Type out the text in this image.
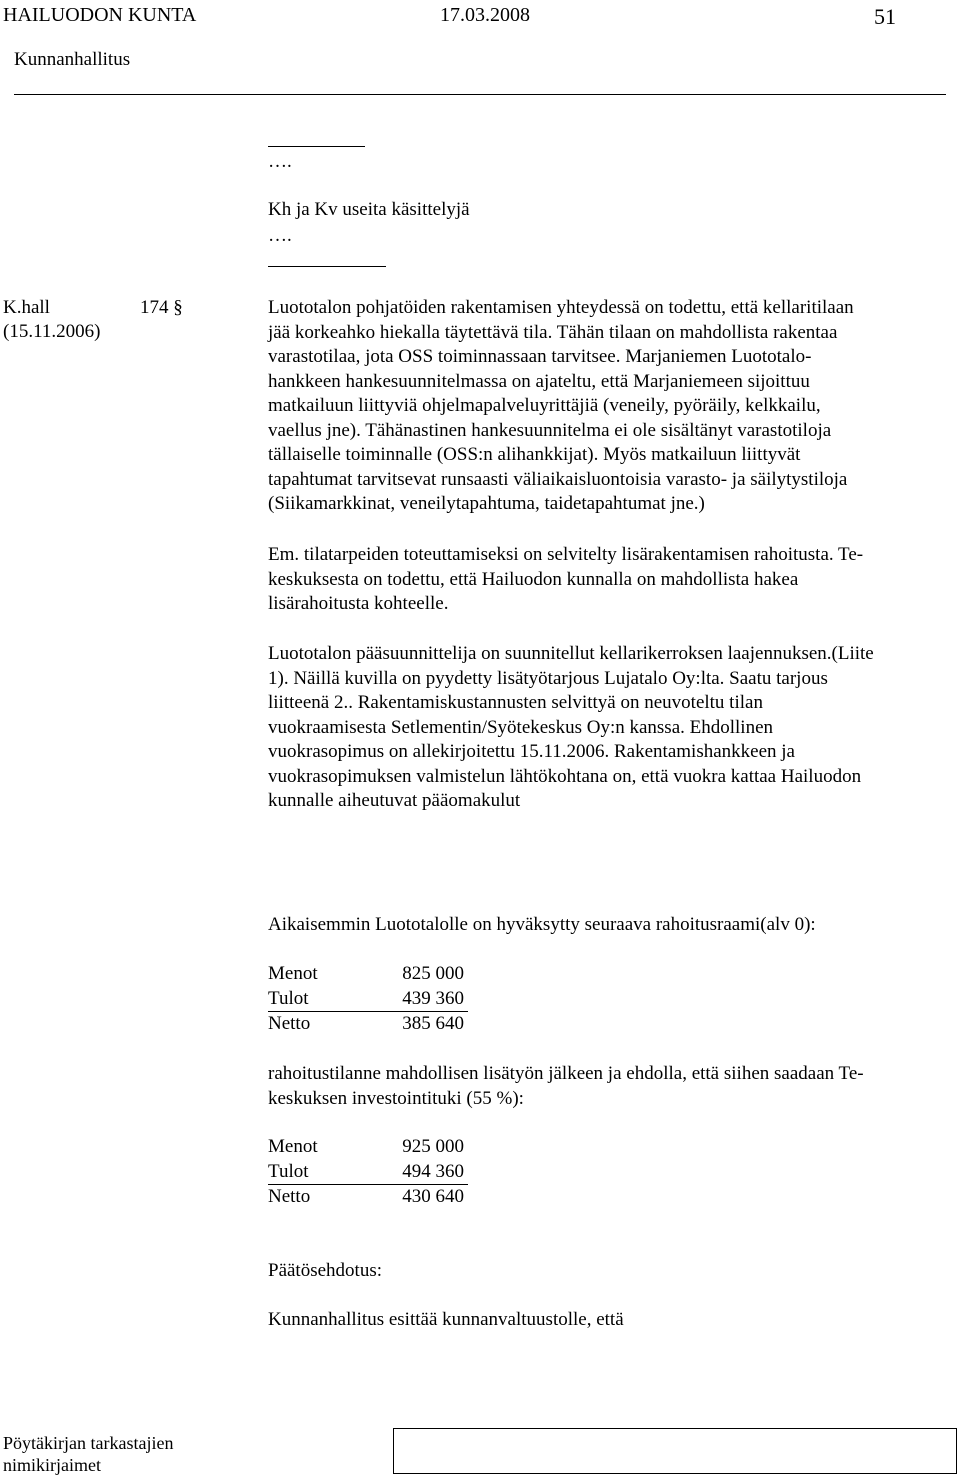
HAILUODON KUNTA	17.03.2008	51
Kunnanhallitus
….
Kh ja Kv useita käsittelyjä
….
K.hall	174 §
(15.11.2006)
Luototalon pohjatöiden rakentamisen yhteydessä on todettu, että kellaritilaan
jää korkeahko hiekalla täytettävä tila. Tähän tilaan on mahdollista rakentaa
varastotilaa, jota OSS toiminnassaan tarvitsee. Marjaniemen Luototalo-
hankkeen hankesuunnitelmassa on ajateltu, että Marjaniemeen sijoittuu
matkailuun liittyviä ohjelmapalveluyrittäjiä (veneily, pyöräily, kelkkailu,
vaellus jne). Tähänastinen hankesuunnitelma ei ole sisältänyt varastotiloja
tällaiselle toiminnalle (OSS:n alihankkijat). Myös matkailuun liittyvät
tapahtumat tarvitsevat runsaasti väliaikaisluontoisia varasto- ja säilytystiloja
(Siikamarkkinat, veneilytapahtuma, taidetapahtumat jne.)
Em. tilatarpeiden toteuttamiseksi on selvitelty lisärakentamisen rahoitusta. Te-
keskuksesta on todettu, että Hailuodon kunnalla on mahdollista hakea
lisärahoitusta kohteelle.
Luototalon pääsuunnittelija on suunnitellut kellarikerroksen laajennuksen.(Liite
1). Näillä kuvilla on pyydetty lisätyötarjous Lujatalo Oy:lta. Saatu tarjous
liitteenä 2.. Rakentamiskustannusten selvittyä on neuvoteltu tilan
vuokraamisesta Setlementin/Syötekeskus Oy:n kanssa. Ehdollinen
vuokrasopimus on allekirjoitettu 15.11.2006. Rakentamishankkeen ja
vuokrasopimuksen valmistelun lähtökohtana on, että vuokra kattaa Hailuodon
kunnalle aiheutuvat pääomakulut
Aikaisemmin Luototalolle on hyväksytty seuraava rahoitusraami(alv 0):
Menot	825 000
Tulot	439 360
Netto	385 640
rahoitustilanne mahdollisen lisätyön jälkeen ja ehdolla, että siihen saadaan Te-
keskuksen investointituki (55 %):
Menot	925 000
Tulot	494 360
Netto	430 640
Päätösehdotus:
Kunnanhallitus esittää kunnanvaltuustolle, että
Pöytäkirjan tarkastajien
nimikirjaimet
